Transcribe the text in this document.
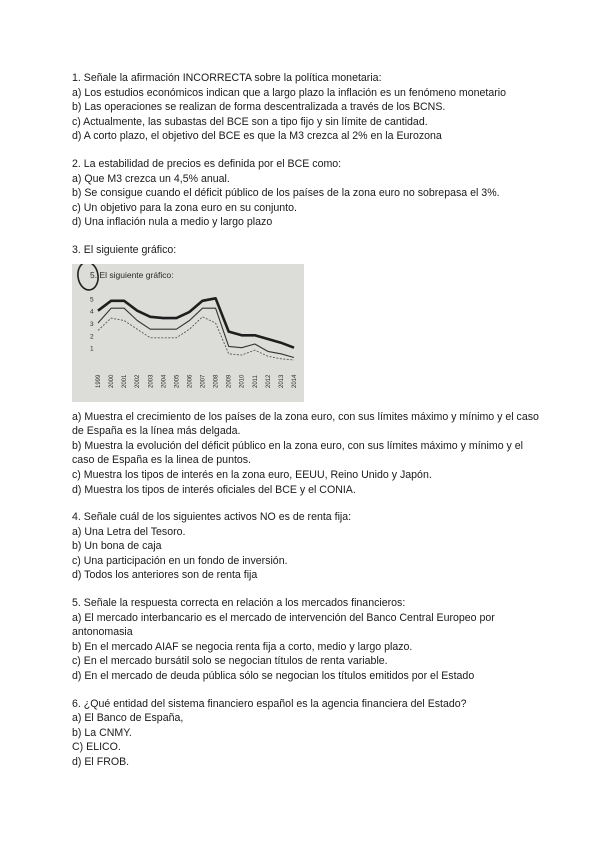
1. Señale la afirmación INCORRECTA sobre la política monetaria:
a) Los estudios económicos indican que a largo plazo la inflación es un fenómeno monetario
b) Las operaciones se realizan de forma descentralizada a través de los BCNS.
c) Actualmente, las subastas del BCE son a tipo fijo y sin límite de cantidad.
d) A corto plazo, el objetivo del BCE es que la M3 crezca al 2% en la Eurozona
2. La estabilidad de precios es definida por el BCE como:
a) Que M3 crezca un 4,5% anual.
b) Se consigue cuando el déficit público de los países de la zona euro no sobrepasa el 3%.
c) Un objetivo para la zona euro en su conjunto.
d) Una inflación nula a medio y largo plazo
3. El siguiente gráfico:
5. El siguiente gráfico:
5
4
3
2
1
1999 2000 2001 2002 2003 2004 2005 2006 2007 2008 2009 2010 2011 2012 2013 2014
a) Muestra el crecimiento de los países de la zona euro, con sus límites máximo y mínimo y el caso de España es la línea más delgada.
b) Muestra la evolución del déficit público en la zona euro, con sus límites máximo y mínimo y el caso de España es la linea de puntos.
c) Muestra los tipos de interés en la zona euro, EEUU, Reino Unido y Japón.
d) Muestra los tipos de interés oficiales del BCE y el CONIA.
4. Señale cuál de los siguientes activos NO es de renta fija:
a) Una Letra del Tesoro.
b) Un bona de caja
c) Una participación en un fondo de inversión.
d) Todos los anteriores son de renta fija
5. Señale la respuesta correcta en relación a los mercados financieros:
a) El mercado interbancario es el mercado de intervención del Banco Central Europeo por antonomasia
b) En el mercado AIAF se negocia renta fija a corto, medio y largo plazo.
c) En el mercado bursátil solo se negocian títulos de renta variable.
d) En el mercado de deuda pública sólo se negocian los títulos emitidos por el Estado
6. ¿Qué entidad del sistema financiero español es la agencia financiera del Estado?
a) El Banco de España,
b) La CNMY.
C) ELICO.
d) El FROB.
